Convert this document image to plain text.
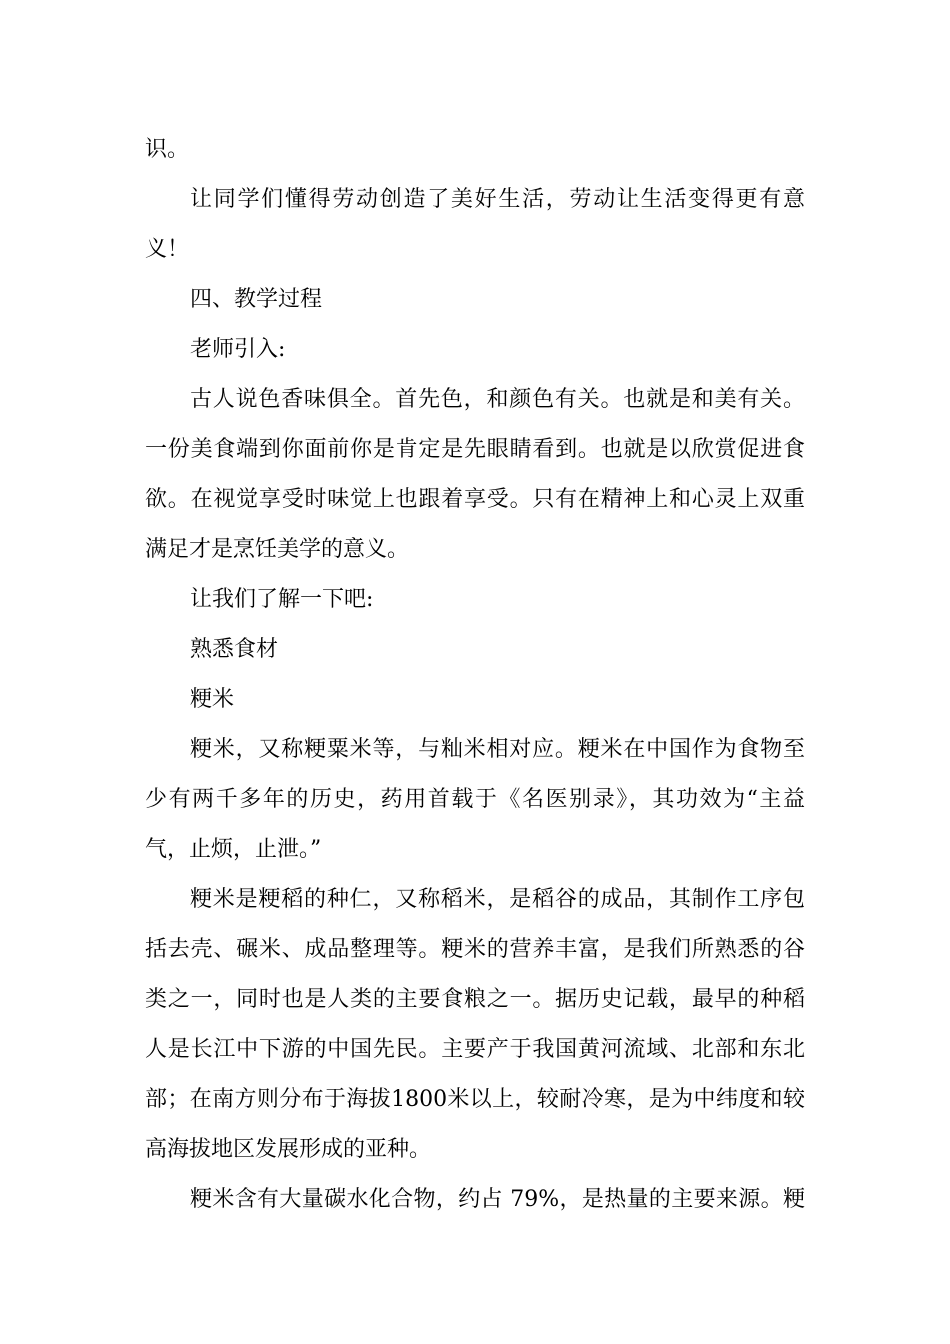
识。
让同学们懂得劳动创造了美好生活，劳动让生活变得更有意
义！
四、教学过程
老师引入:
古人说色香味俱全。首先色，和颜色有关。也就是和美有关。
一份美食端到你面前你是肯定是先眼睛看到。也就是以欣赏促进食
欲。在视觉享受时味觉上也跟着享受。只有在精神上和心灵上双重
满足才是烹饪美学的意义。
让我们了解一下吧:
熟悉食材
粳米
粳米，又称粳粟米等，与籼米相对应。粳米在中国作为食物至
少有两千多年的历史，药用首载于《名医别录》，其功效为“主益
气，止烦，止泄。”
粳米是粳稻的种仁，又称稻米，是稻谷的成品，其制作工序包
括去壳、碾米、成品整理等。粳米的营养丰富，是我们所熟悉的谷
类之一，同时也是人类的主要食粮之一。据历史记载，最早的种稻
人是长江中下游的中国先民。主要产于我国黄河流域、北部和东北
部；在南方则分布于海拔1800米以上，较耐冷寒，是为中纬度和较
高海拔地区发展形成的亚种。
粳米含有大量碳水化合物，约占 79%，是热量的主要来源。粳
